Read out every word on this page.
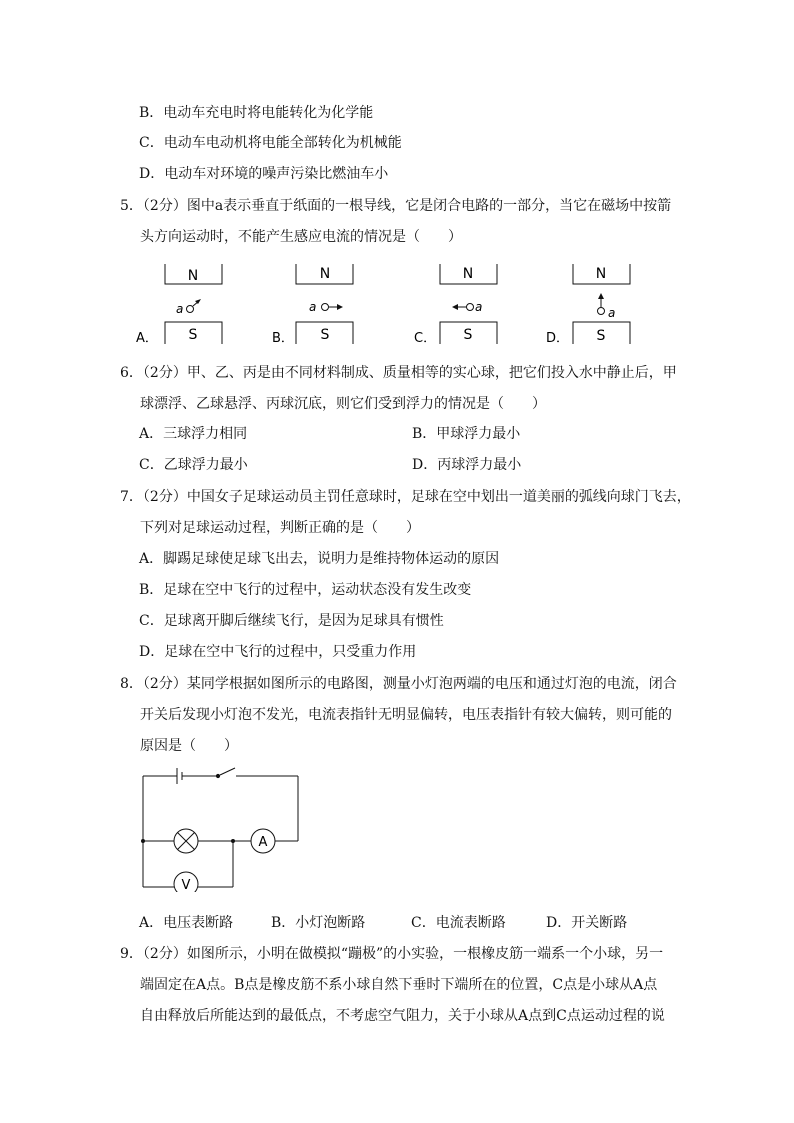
B．电动车充电时将电能转化为化学能
C．电动车电动机将电能全部转化为机械能
D．电动车对环境的噪声污染比燃油车小
5．（2分）图中a表示垂直于纸面的一根导线，它是闭合电路的一部分，当它在磁场中按箭
头方向运动时，不能产生感应电流的情况是（　　）
A．
N
S
a
B．
N
S
a
C．
N
S
a
D．
N
S
a
6．（2分）甲、乙、丙是由不同材料制成、质量相等的实心球，把它们投入水中静止后，甲
球漂浮、乙球悬浮、丙球沉底，则它们受到浮力的情况是（　　）
A．三球浮力相同	B．甲球浮力最小
C．乙球浮力最小	D．丙球浮力最小
7．（2分）中国女子足球运动员主罚任意球时，足球在空中划出一道美丽的弧线向球门飞去，
下列对足球运动过程，判断正确的是（　　）
A．脚踢足球使足球飞出去，说明力是维持物体运动的原因
B．足球在空中飞行的过程中，运动状态没有发生改变
C．足球离开脚后继续飞行，是因为足球具有惯性
D．足球在空中飞行的过程中，只受重力作用
8．（2分）某同学根据如图所示的电路图，测量小灯泡两端的电压和通过灯泡的电流，闭合
开关后发现小灯泡不发光，电流表指针无明显偏转，电压表指针有较大偏转，则可能的
原因是（　　）
A
V
A．电压表断路	B．小灯泡断路	C．电流表断路	D．开关断路
9．（2分）如图所示，小明在做模拟“蹦极”的小实验，一根橡皮筋一端系一个小球，另一
端固定在A点。B点是橡皮筋不系小球自然下垂时下端所在的位置，C点是小球从A点
自由释放后所能达到的最低点，不考虑空气阻力，关于小球从A点到C点运动过程的说
